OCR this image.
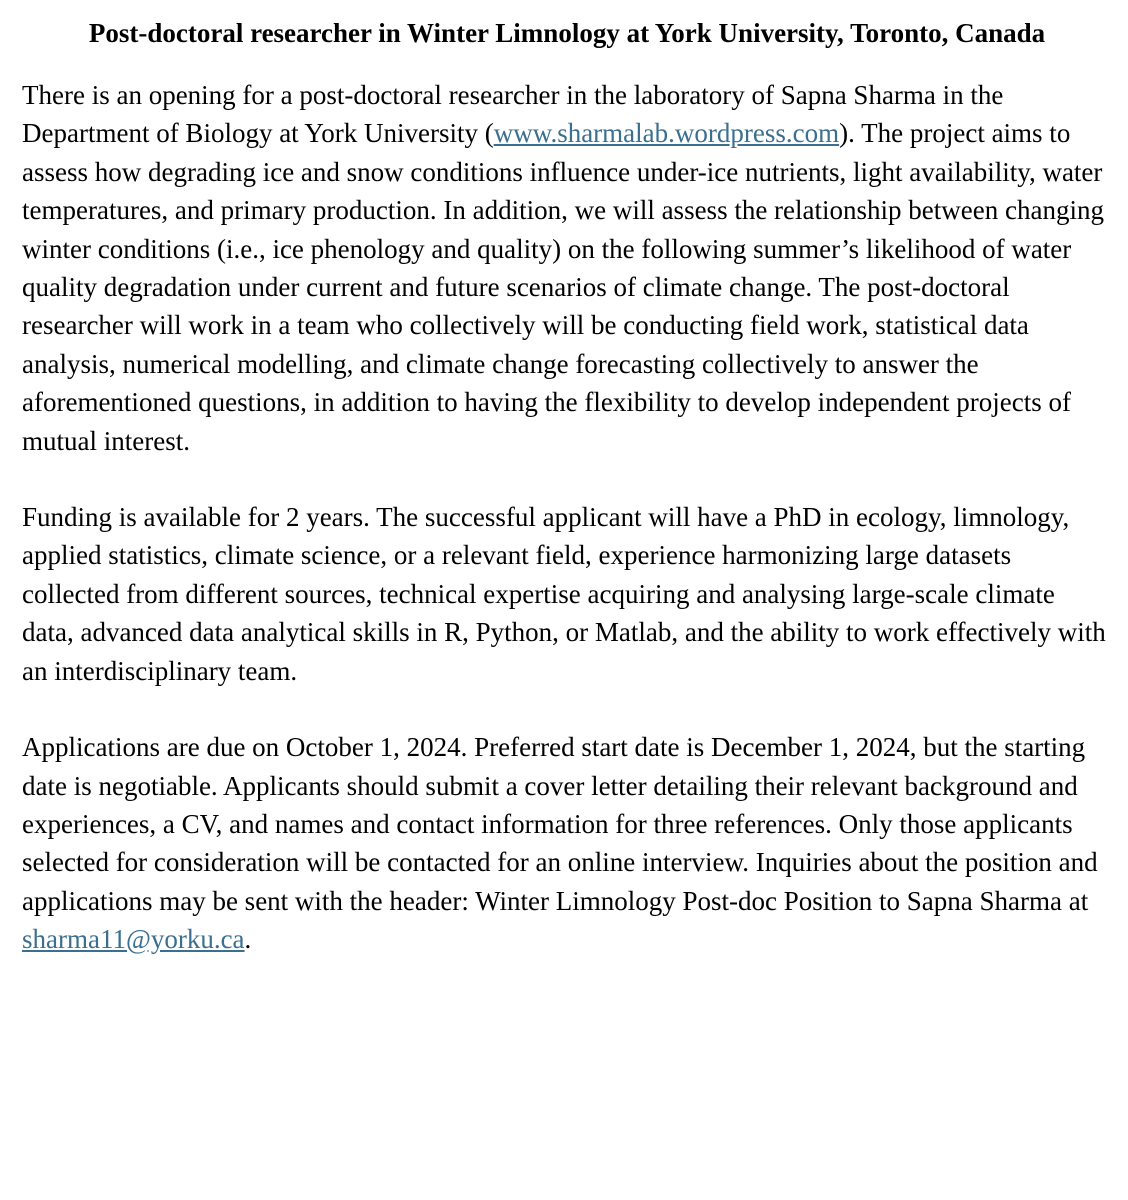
Post-doctoral researcher in Winter Limnology at York University, Toronto, Canada

There is an opening for a post-doctoral researcher in the laboratory of Sapna Sharma in the Department of Biology at York University (www.sharmalab.wordpress.com). The project aims to assess how degrading ice and snow conditions influence under-ice nutrients, light availability, water temperatures, and primary production. In addition, we will assess the relationship between changing winter conditions (i.e., ice phenology and quality) on the following summer’s likelihood of water quality degradation under current and future scenarios of climate change. The post-doctoral researcher will work in a team who collectively will be conducting field work, statistical data analysis, numerical modelling, and climate change forecasting collectively to answer the aforementioned questions, in addition to having the flexibility to develop independent projects of mutual interest.

Funding is available for 2 years. The successful applicant will have a PhD in ecology, limnology, applied statistics, climate science, or a relevant field, experience harmonizing large datasets collected from different sources, technical expertise acquiring and analysing large-scale climate data, advanced data analytical skills in R, Python, or Matlab, and the ability to work effectively with an interdisciplinary team.

Applications are due on October 1, 2024. Preferred start date is December 1, 2024, but the starting date is negotiable. Applicants should submit a cover letter detailing their relevant background and experiences, a CV, and names and contact information for three references. Only those applicants selected for consideration will be contacted for an online interview. Inquiries about the position and applications may be sent with the header: Winter Limnology Post-doc Position to Sapna Sharma at sharma11@yorku.ca.
